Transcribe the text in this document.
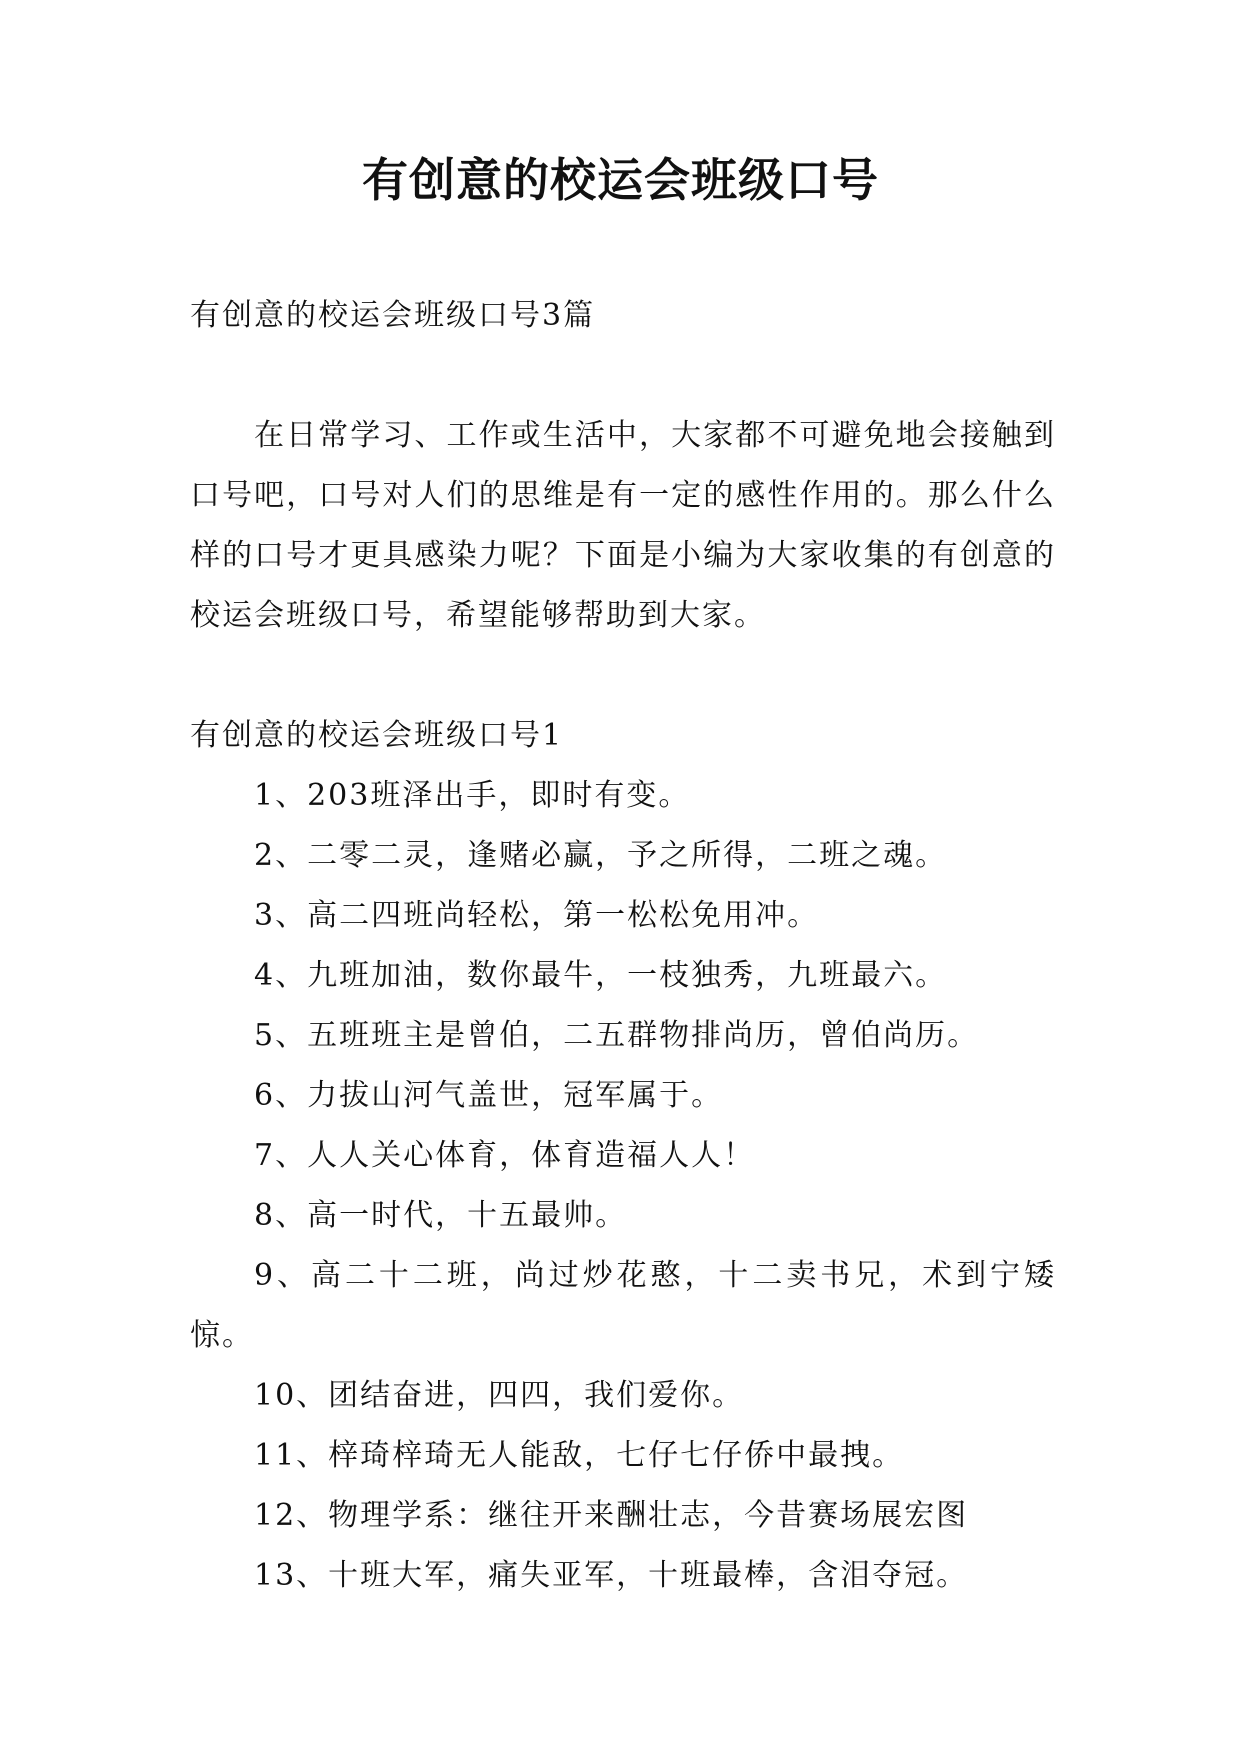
有创意的校运会班级口号

有创意的校运会班级口号3篇

在日常学习、工作或生活中，大家都不可避免地会接触到口号吧，口号对人们的思维是有一定的感性作用的。那么什么样的口号才更具感染力呢？下面是小编为大家收集的有创意的校运会班级口号，希望能够帮助到大家。

有创意的校运会班级口号1

1、203班泽出手，即时有变。

2、二零二灵，逢赌必赢，予之所得，二班之魂。

3、高二四班尚轻松，第一松松免用冲。

4、九班加油，数你最牛，一枝独秀，九班最六。

5、五班班主是曾伯，二五群物排尚历，曾伯尚历。

6、力拔山河气盖世，冠军属于。

7、人人关心体育，体育造福人人！

8、高一时代，十五最帅。

9、高二十二班，尚过炒花憨，十二卖书兄，术到宁矮惊。

10、团结奋进，四四，我们爱你。

11、梓琦梓琦无人能敌，七仔七仔侨中最拽。

12、物理学系：继往开来酬壮志，今昔赛场展宏图

13、十班大军，痛失亚军，十班最棒，含泪夺冠。
